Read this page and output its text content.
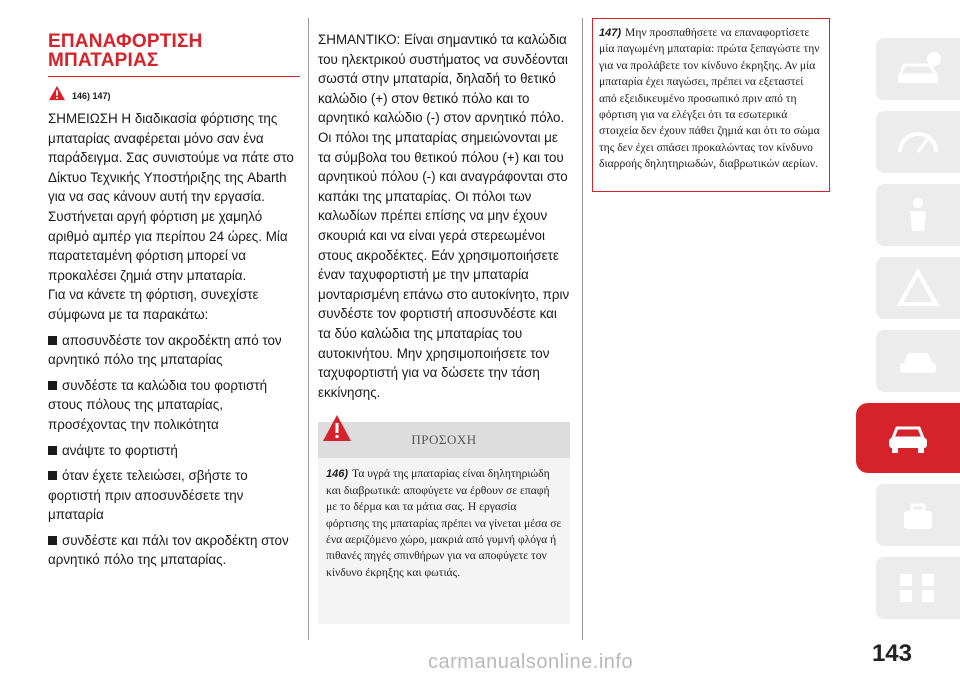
ΕΠΑΝΑΦΟΡΤΙΣΗ
ΜΠΑΤΑΡΙΑΣ
146) 147)

ΣΗΜΕΙΩΣΗ Η διαδικασία φόρτισης της μπαταρίας αναφέρεται μόνο σαν ένα παράδειγμα. Σας συνιστούμε να πάτε στο Δίκτυο Τεχνικής Υποστήριξης της Abarth για να σας κάνουν αυτή την εργασία.

Συστήνεται αργή φόρτιση με χαμηλό αριθμό αμπέρ για περίπου 24 ώρες. Μία παρατεταμένη φόρτιση μπορεί να προκαλέσει ζημιά στην μπαταρία.

Για να κάνετε τη φόρτιση, συνεχίστε σύμφωνα με τα παρακάτω:

αποσυνδέστε τον ακροδέκτη από τον αρνητικό πόλο της μπαταρίας

συνδέστε τα καλώδια του φορτιστή στους πόλους της μπαταρίας, προσέχοντας την πολικότητα

ανάψτε το φορτιστή

όταν έχετε τελειώσει, σβήστε το φορτιστή πριν αποσυνδέσετε την μπαταρία

συνδέστε και πάλι τον ακροδέκτη στον αρνητικό πόλο της μπαταρίας.

ΣΗΜΑΝΤΙΚΟ: Είναι σημαντικό τα καλώδια του ηλεκτρικού συστήματος να συνδέονται σωστά στην μπαταρία, δηλαδή το θετικό καλώδιο (+) στον θετικό πόλο και το αρνητικό καλώδιο (-) στον αρνητικό πόλο. Οι πόλοι της μπαταρίας σημειώνονται με τα σύμβολα του θετικού πόλου (+) και του αρνητικού πόλου (-) και αναγράφονται στο καπάκι της μπαταρίας. Οι πόλοι των καλωδίων πρέπει επίσης να μην έχουν σκουριά και να είναι γερά στερεωμένοι στους ακροδέκτες. Εάν χρησιμοποιήσετε έναν ταχυφορτιστή με την μπαταρία μονταρισμένη επάνω στο αυτοκίνητο, πριν συνδέστε τον φορτιστή αποσυνδέστε και τα δύο καλώδια της μπαταρίας του αυτοκινήτου. Μην χρησιμοποιήσετε τον ταχυφορτιστή για να δώσετε την τάση εκκίνησης.

ΠΡΟΣΟΧΗ
146) Τα υγρά της μπαταρίας είναι δηλητηριώδη και διαβρωτικά: αποφύγετε να έρθουν σε επαφή με το δέρμα και τα μάτια σας. Η εργασία φόρτισης της μπαταρίας πρέπει να γίνεται μέσα σε ένα αεριζόμενο χώρο, μακριά από γυμνή φλόγα ή πιθανές πηγές σπινθήρων για να αποφύγετε τον κίνδυνο έκρηξης και φωτιάς.
147) Μην προσπαθήσετε να επαναφορτίσετε μία παγωμένη μπαταρία: πρώτα ξεπαγώστε την για να προλάβετε τον κίνδυνο έκρηξης. Αν μία μπαταρία έχει παγώσει, πρέπει να εξεταστεί από εξειδικευμένο προσωπικό πριν από τη φόρτιση για να ελέγξει ότι τα εσωτερικά στοιχεία δεν έχουν πάθει ζημιά και ότι το σώμα της δεν έχει σπάσει προκαλώντας τον κίνδυνο διαρροής δηλητηριωδών, διαβρωτικών αερίων.
143
carmanualsonline.info
